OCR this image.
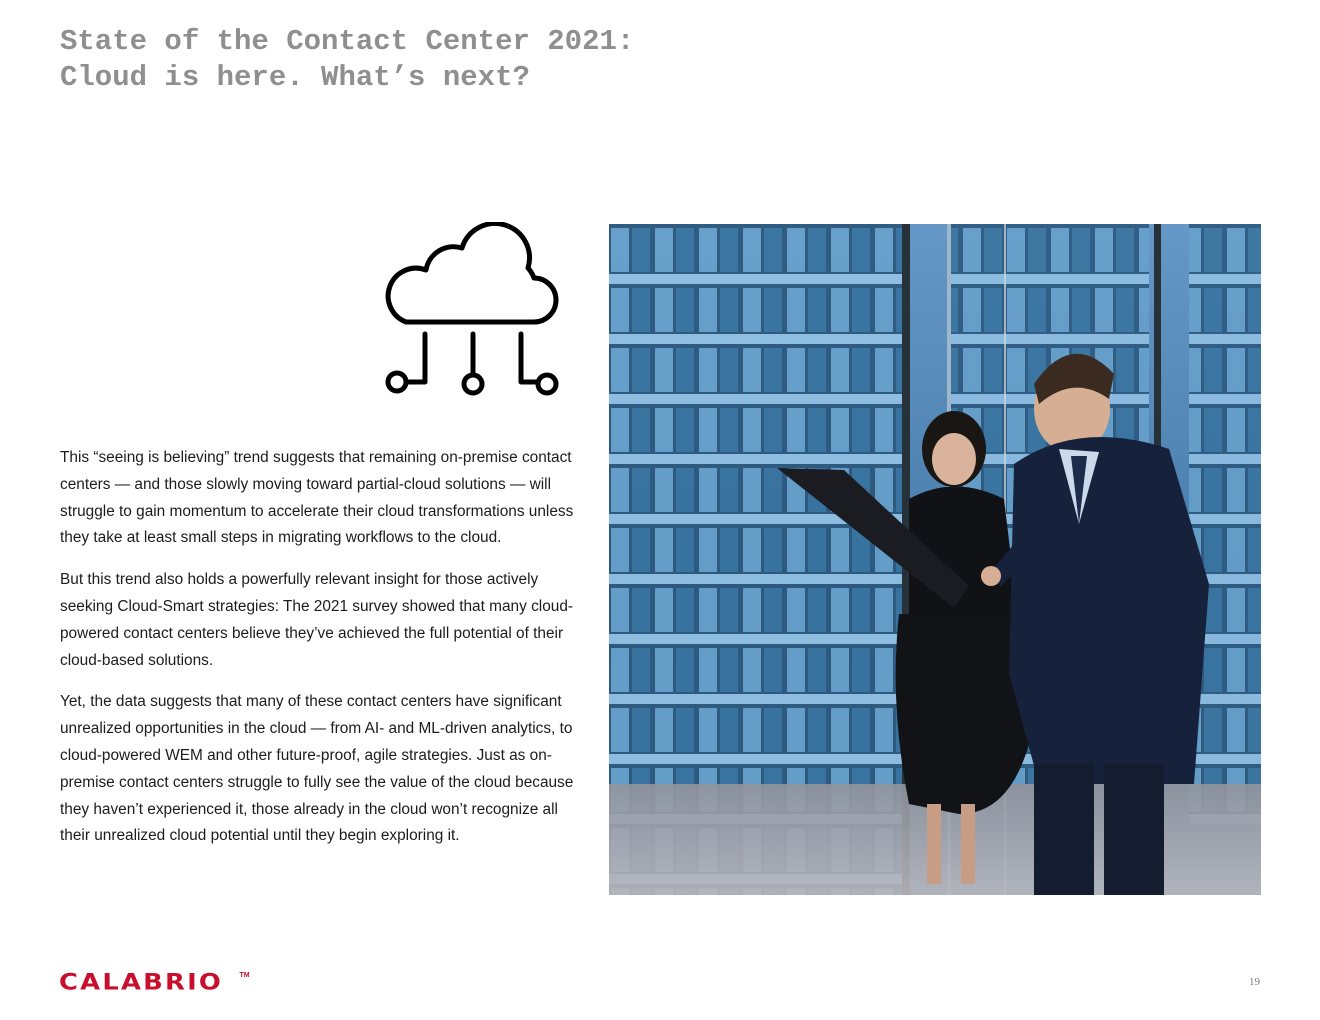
State of the Contact Center 2021:
Cloud is here. What’s next?

This “seeing is believing” trend suggests that remaining on-premise contact centers — and those slowly moving toward partial-cloud solutions — will struggle to gain momentum to accelerate their cloud transformations unless they take at least small steps in migrating workflows to the cloud.

But this trend also holds a powerfully relevant insight for those actively seeking Cloud-Smart strategies: The 2021 survey showed that many cloud-powered contact centers believe they’ve achieved the full potential of their cloud-based solutions.

Yet, the data suggests that many of these contact centers have significant unrealized opportunities in the cloud — from AI- and ML-driven analytics, to cloud-powered WEM and other future-proof, agile strategies. Just as on-premise contact centers struggle to fully see the value of the cloud because they haven’t experienced it, those already in the cloud won’t recognize all their unrealized cloud potential until they begin exploring it.

CALABRIO TM
19
